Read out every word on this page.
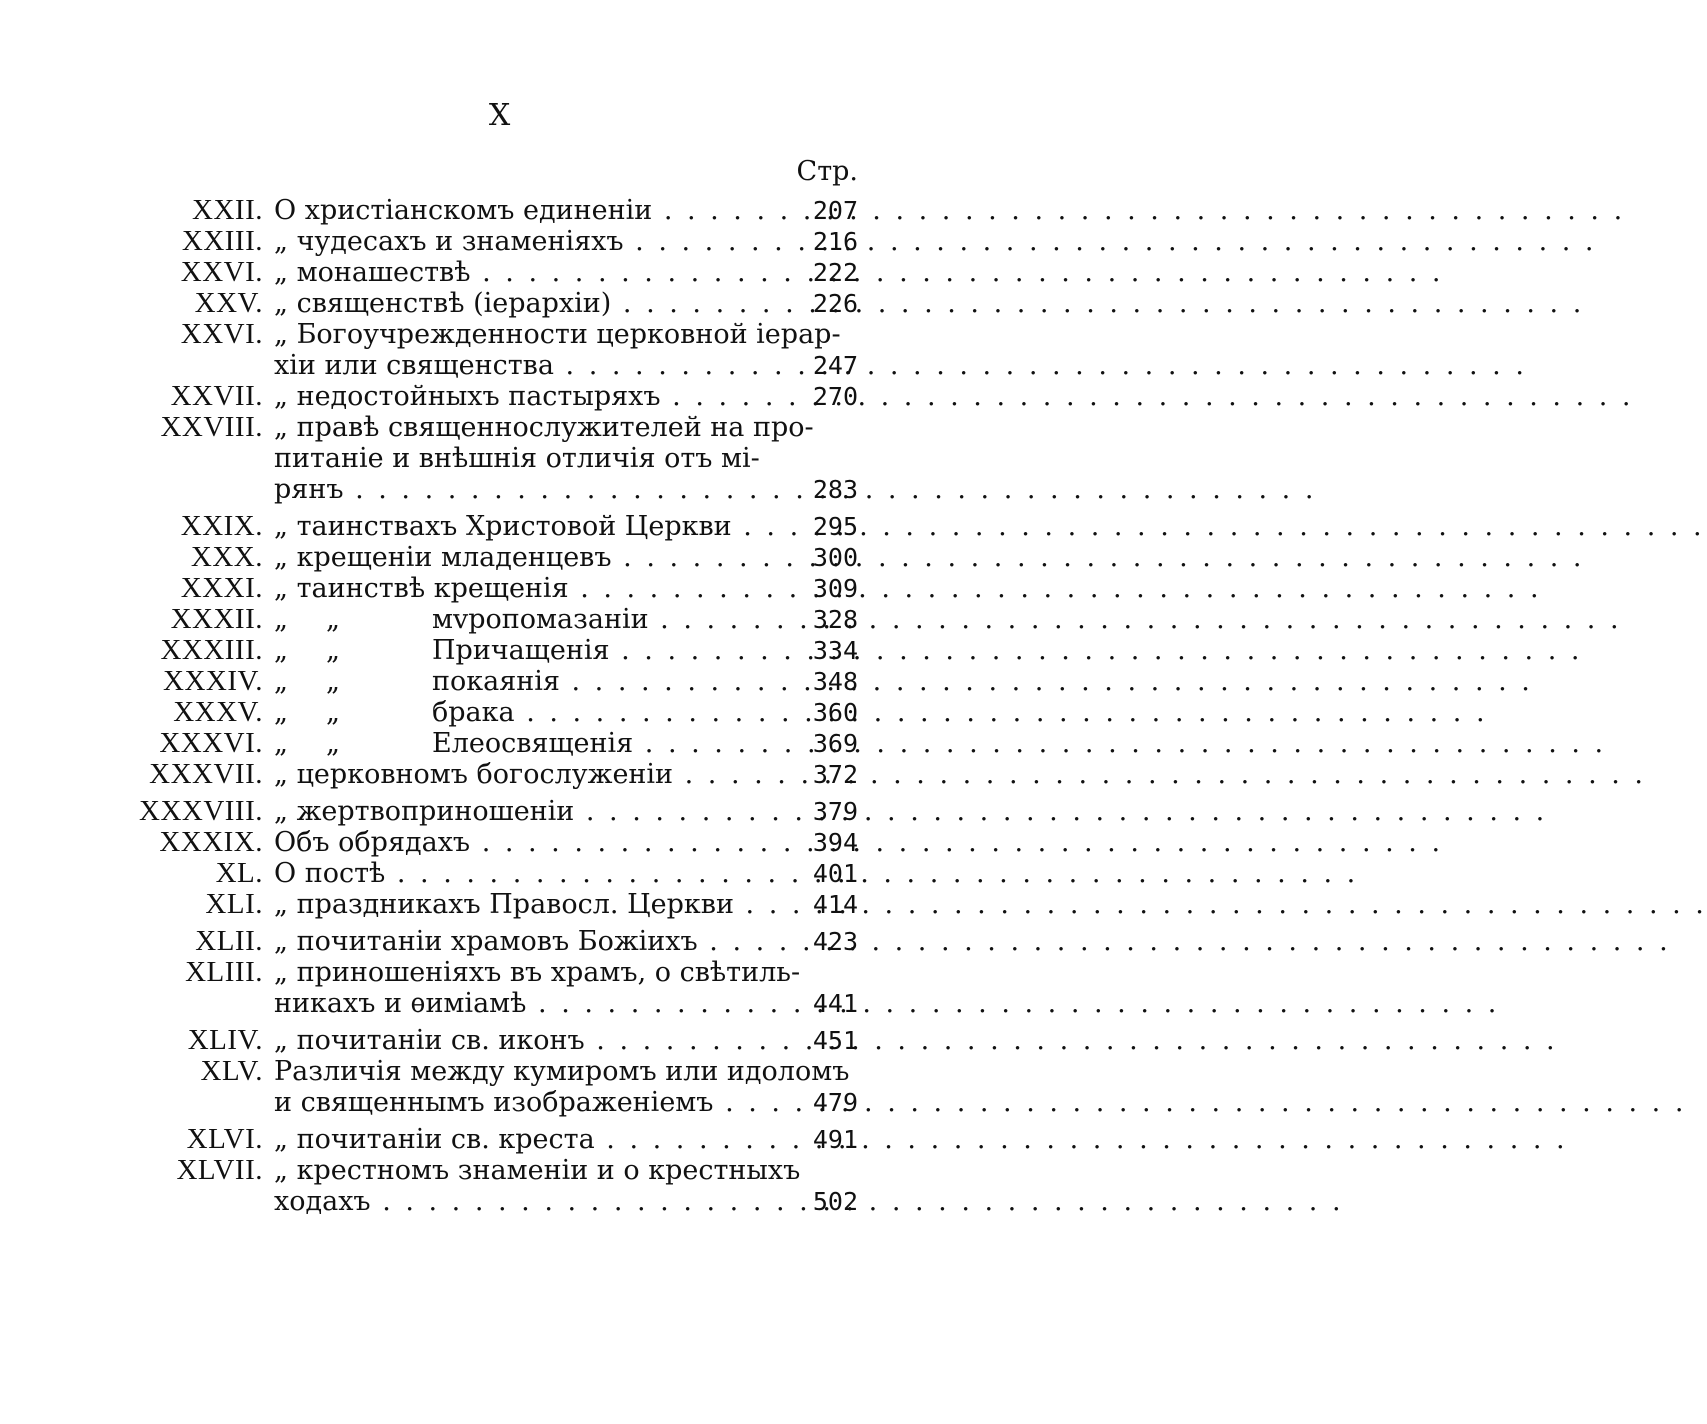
X
Стр.
XXII. О христіанскомъ единеніи . . .	207
XXIII. „ чудесахъ и знаменіяхъ . . .	216
XXVI. „ монашествѣ . . .	222
XXV. „ священствѣ (іерархіи) . . .	226
XXVI. „ Богоучрежденности церковной іерар-
хіи или священства . . .	247
XXVII. „ недостойныхъ пастыряхъ . . .	270
XXVIII. „ правѣ священнослужителей на про-
питаніе и внѣшнія отличія отъ мі-
рянъ . . .	283
XXIX. „ таинствахъ Христовой Церкви . . .	295
XXX. „ крещеніи младенцевъ . . .	300
XXXI. „ таинствѣ крещенія . . .	309
XXXII. „ „	мvропомазаніи . . .	328
XXXIII. „ „	Причащенія . . .	334
XXXIV. „ „	покаянія . . .	348
XXXV. „ „	брака . . .	360
XXXVI. „ „	Елеосвященія . . .	369
XXXVII. „ церковномъ богослуженіи . . .	372
XXXVIII. „ жертвоприношеніи . . .	379
XXXIX. Объ обрядахъ . . .	394
XL. О постѣ . . .	401
XLI. „ праздникахъ Правосл. Церкви . . .	414
XLII. „ почитаніи храмовъ Божіихъ . . .	423
XLIII. „ приношеніяхъ въ храмъ, о свѣтиль-
никахъ и ѳиміамѣ . . .	441
XLIV. „ почитаніи св. иконъ . . .	451
XLV. Различія между кумиромъ или идоломъ
и священнымъ изображеніемъ . . .	479
XLVI. „ почитаніи св. креста . . .	491
XLVII. „ крестномъ знаменіи и о крестныхъ
ходахъ . . .	502
